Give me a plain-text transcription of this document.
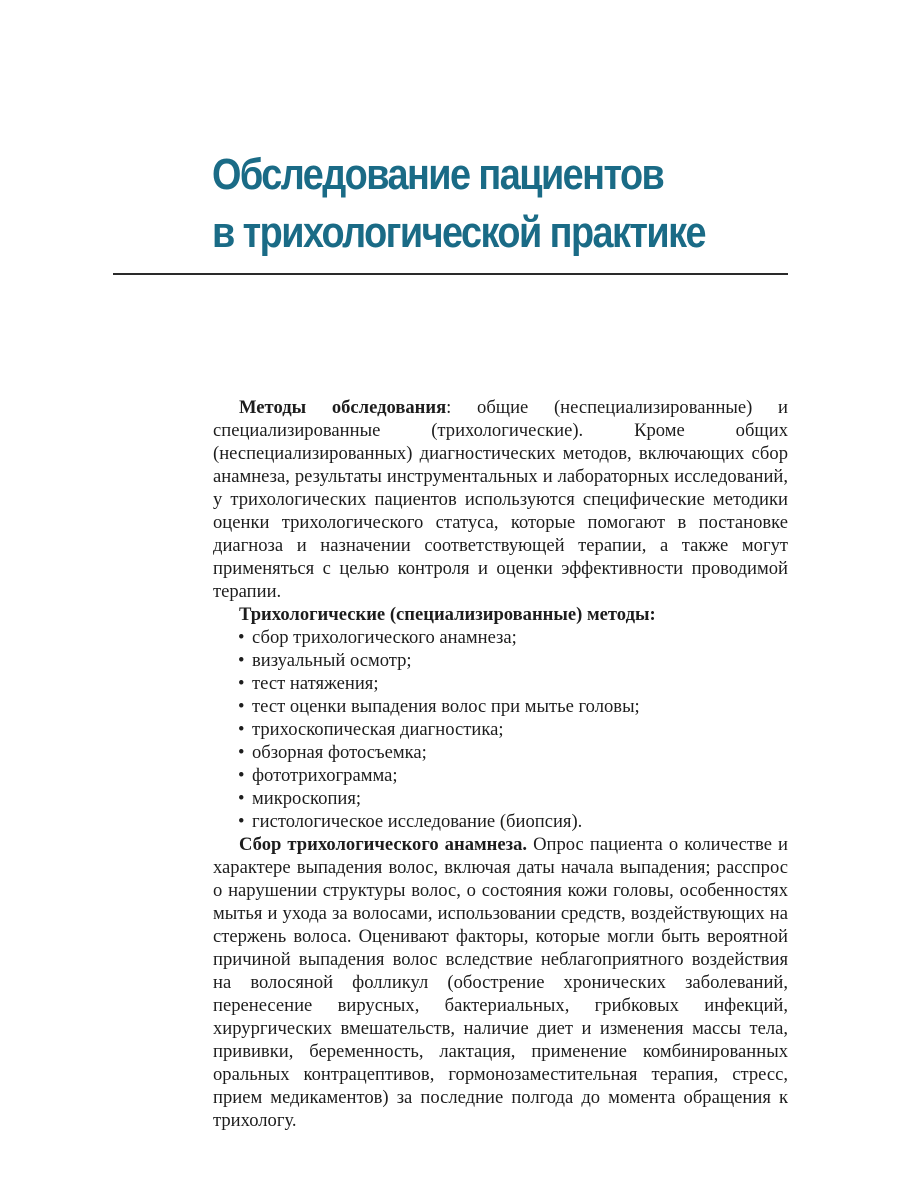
Обследование пациентов
в трихологической практике

Методы обследования: общие (неспециализированные) и специализированные (трихологические). Кроме общих (неспециализированных) диагностических методов, включающих сбор анамнеза, результаты инструментальных и лабораторных исследований, у трихологических пациентов используются специфические методики оценки трихологического статуса, которые помогают в постановке диагноза и назначении соответствующей терапии, а также могут применяться с целью контроля и оценки эффективности проводимой терапии.

Трихологические (специализированные) методы:
• сбор трихологического анамнеза;
• визуальный осмотр;
• тест натяжения;
• тест оценки выпадения волос при мытье головы;
• трихоскопическая диагностика;
• обзорная фотосъемка;
• фототрихограмма;
• микроскопия;
• гистологическое исследование (биопсия).

Сбор трихологического анамнеза. Опрос пациента о количестве и характере выпадения волос, включая даты начала выпадения; расспрос о нарушении структуры волос, о состояния кожи головы, особенностях мытья и ухода за волосами, использовании средств, воздействующих на стержень волоса. Оценивают факторы, которые могли быть вероятной причиной выпадения волос вследствие неблагоприятного воздействия на волосяной фолликул (обострение хронических заболеваний, перенесение вирусных, бактериальных, грибковых инфекций, хирургических вмешательств, наличие диет и изменения массы тела, прививки, беременность, лактация, применение комбинированных оральных контрацептивов, гормонозаместительная терапия, стресс, прием медикаментов) за последние полгода до момента обращения к трихологу.
